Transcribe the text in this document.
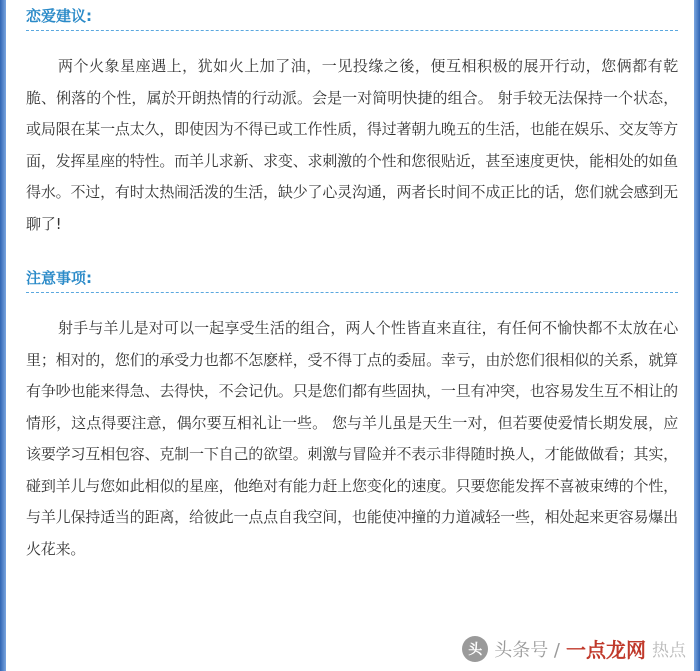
恋爱建议:

两个火象星座遇上，犹如火上加了油，一见投缘之後，便互相积极的展开行动，您俩都有乾脆、俐落的个性，属於开朗热情的行动派。会是一对简明快捷的组合。 射手较无法保持一个状态，或局限在某一点太久，即使因为不得已或工作性质，得过著朝九晚五的生活，也能在娱乐、交友等方面，发挥星座的特性。而羊儿求新、求变、求刺激的个性和您很贴近，甚至速度更快，能相处的如鱼得水。不过，有时太热闹活泼的生活，缺少了心灵沟通，两者长时间不成正比的话，您们就会感到无聊了!

注意事项:

射手与羊儿是对可以一起享受生活的组合，两人个性皆直来直往，有任何不愉快都不太放在心里；相对的，您们的承受力也都不怎麽样，受不得丁点的委屈。幸亏，由於您们很相似的关系，就算有争吵也能来得急、去得快，不会记仇。只是您们都有些固执，一旦有冲突，也容易发生互不相让的情形，这点得要注意，偶尔要互相礼让一些。 您与羊儿虽是天生一对，但若要使爱情长期发展，应该要学习互相包容、克制一下自己的欲望。刺激与冒险并不表示非得随时换人，才能做做看；其实，碰到羊儿与您如此相似的星座，他绝对有能力赶上您变化的速度。只要您能发挥不喜被束缚的个性，与羊儿保持适当的距离，给彼此一点点自我空间，也能使冲撞的力道减轻一些，相处起来更容易爆出火花来。

头 头条号 / 一点龙网 热点
